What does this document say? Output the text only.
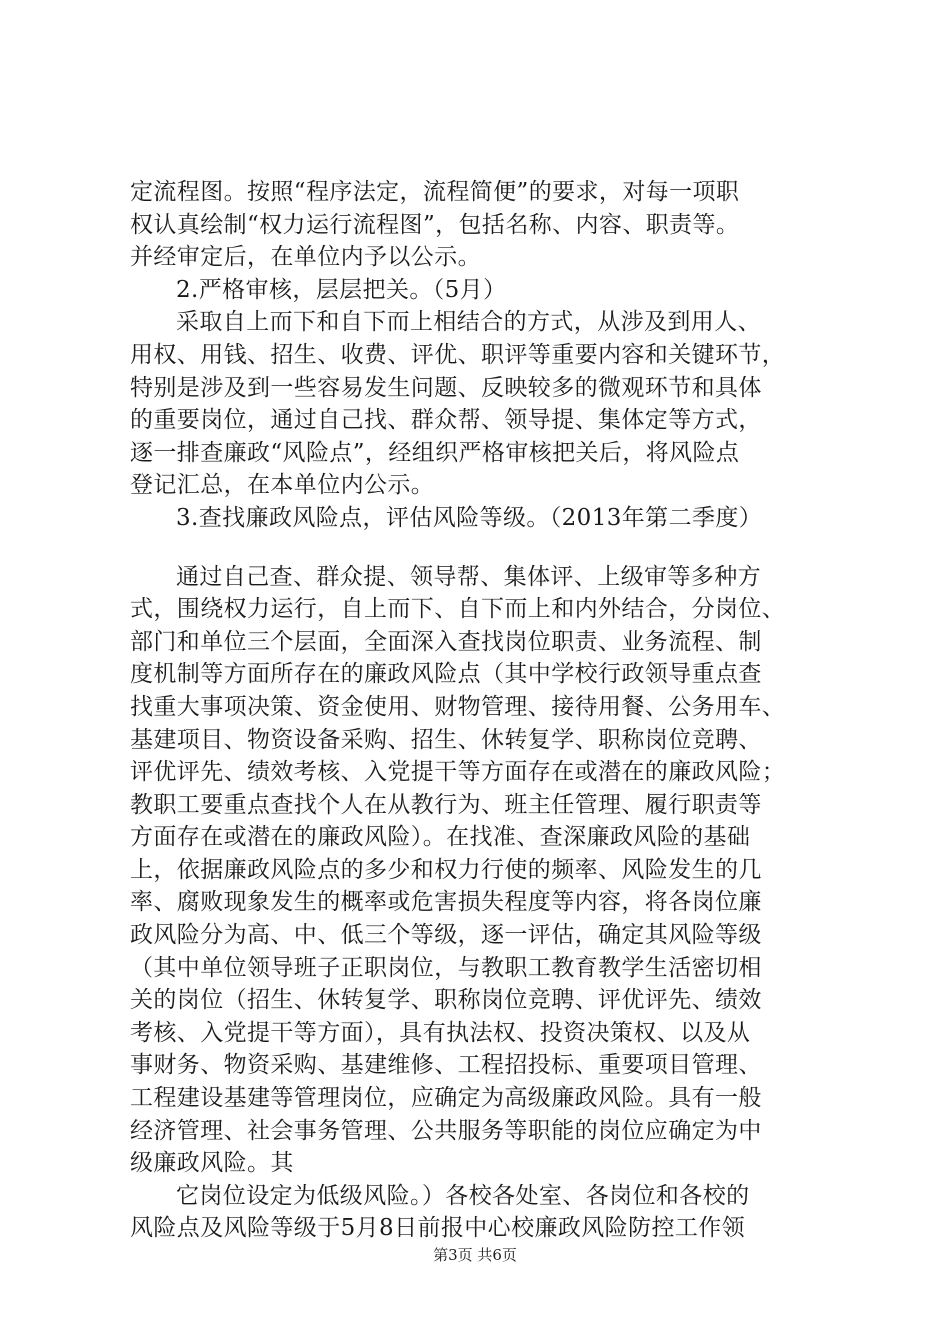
定流程图。按照“程序法定，流程简便”的要求，对每一项职
权认真绘制“权力运行流程图”，包括名称、内容、职责等。
并经审定后，在单位内予以公示。
2.严格审核，层层把关。（5月）
采取自上而下和自下而上相结合的方式，从涉及到用人、
用权、用钱、招生、收费、评优、职评等重要内容和关键环节，
特别是涉及到一些容易发生问题、反映较多的微观环节和具体
的重要岗位，通过自己找、群众帮、领导提、集体定等方式，
逐一排查廉政“风险点”，经组织严格审核把关后，将风险点
登记汇总，在本单位内公示。
3.查找廉政风险点，评估风险等级。（2013年第二季度）
通过自己查、群众提、领导帮、集体评、上级审等多种方
式，围绕权力运行，自上而下、自下而上和内外结合，分岗位、
部门和单位三个层面，全面深入查找岗位职责、业务流程、制
度机制等方面所存在的廉政风险点（其中学校行政领导重点查
找重大事项决策、资金使用、财物管理、接待用餐、公务用车、
基建项目、物资设备采购、招生、休转复学、职称岗位竞聘、
评优评先、绩效考核、入党提干等方面存在或潜在的廉政风险；
教职工要重点查找个人在从教行为、班主任管理、履行职责等
方面存在或潜在的廉政风险）。在找准、查深廉政风险的基础
上，依据廉政风险点的多少和权力行使的频率、风险发生的几
率、腐败现象发生的概率或危害损失程度等内容，将各岗位廉
政风险分为高、中、低三个等级，逐一评估，确定其风险等级
（其中单位领导班子正职岗位，与教职工教育教学生活密切相
关的岗位（招生、休转复学、职称岗位竞聘、评优评先、绩效
考核、入党提干等方面），具有执法权、投资决策权、以及从
事财务、物资采购、基建维修、工程招投标、重要项目管理、
工程建设基建等管理岗位，应确定为高级廉政风险。具有一般
经济管理、社会事务管理、公共服务等职能的岗位应确定为中
级廉政风险。其
它岗位设定为低级风险。）各校各处室、各岗位和各校的
风险点及风险等级于5月8日前报中心校廉政风险防控工作领
第3页 共6页
